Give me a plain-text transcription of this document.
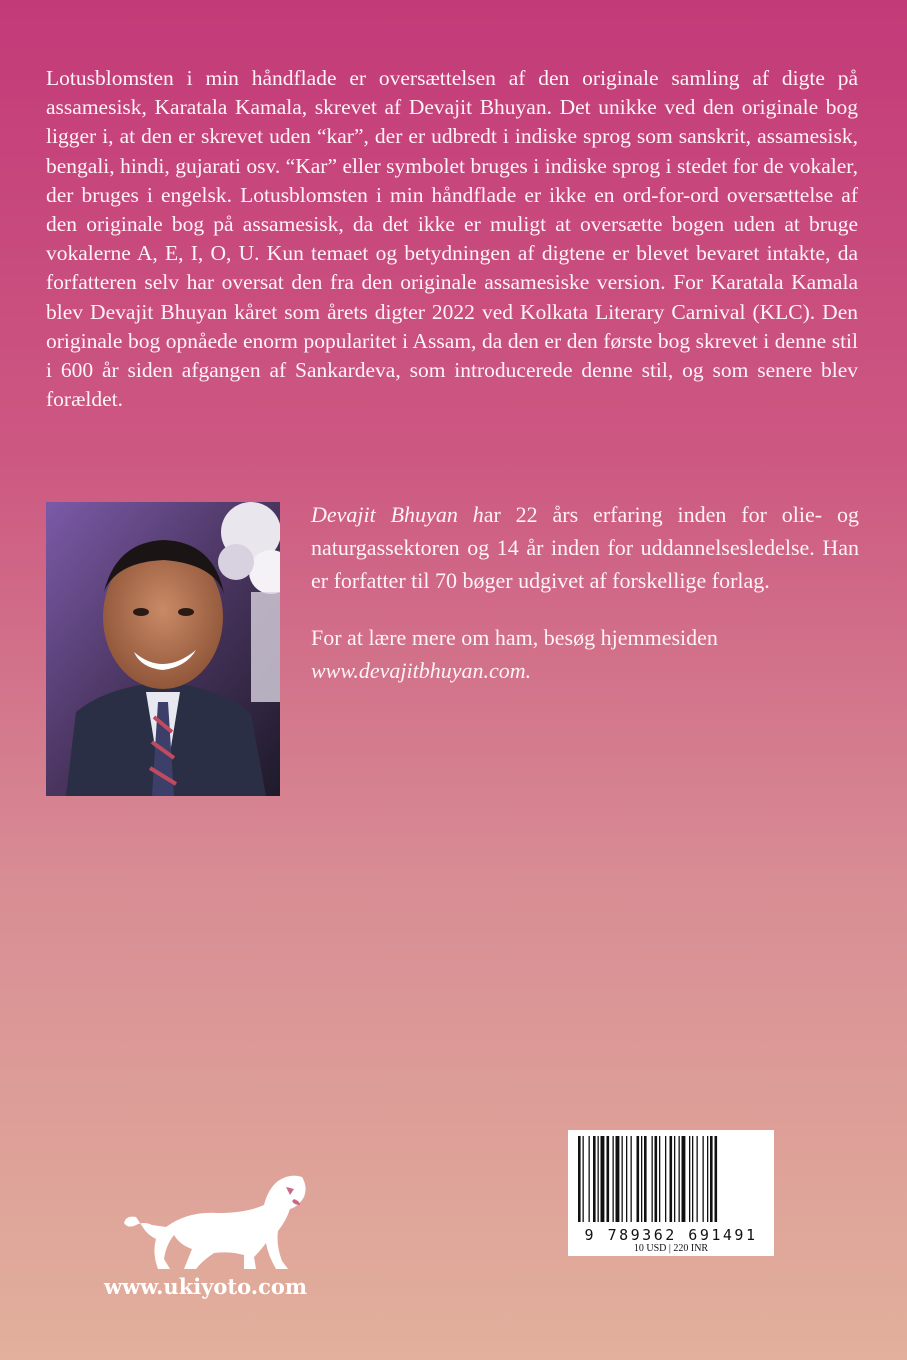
Lotusblomsten i min håndflade er oversættelsen af den originale samling af digte på assamesisk, Karatala Kamala, skrevet af Devajit Bhuyan. Det unikke ved den originale bog ligger i, at den er skrevet uden “kar”, der er udbredt i indiske sprog som sanskrit, assamesisk, bengali, hindi, gujarati osv. “Kar” eller symbolet bruges i indiske sprog i stedet for de vokaler, der bruges i engelsk. Lotusblomsten i min håndflade er ikke en ord-for-ord oversættelse af den originale bog på assamesisk, da det ikke er muligt at oversætte bogen uden at bruge vokalerne A, E, I, O, U. Kun temaet og betydningen af digtene er blevet bevaret intakte, da forfatteren selv har oversat den fra den originale assamesiske version. For Karatala Kamala blev Devajit Bhuyan kåret som årets digter 2022 ved Kolkata Literary Carnival (KLC). Den originale bog opnåede enorm popularitet i Assam, da den er den første bog skrevet i denne stil i 600 år siden afgangen af Sankardeva, som introducerede denne stil, og som senere blev forældet.

Devajit Bhuyan har 22 års erfaring inden for olie- og naturgassektoren og 14 år inden for uddannelsesledelse. Han er forfatter til 70 bøger udgivet af forskellige forlag.

For at lære mere om ham, besøg hjemmesiden
www.devajitbhuyan.com.

www.ukiyoto.com
9 789362 691491
10 USD | 220 INR
